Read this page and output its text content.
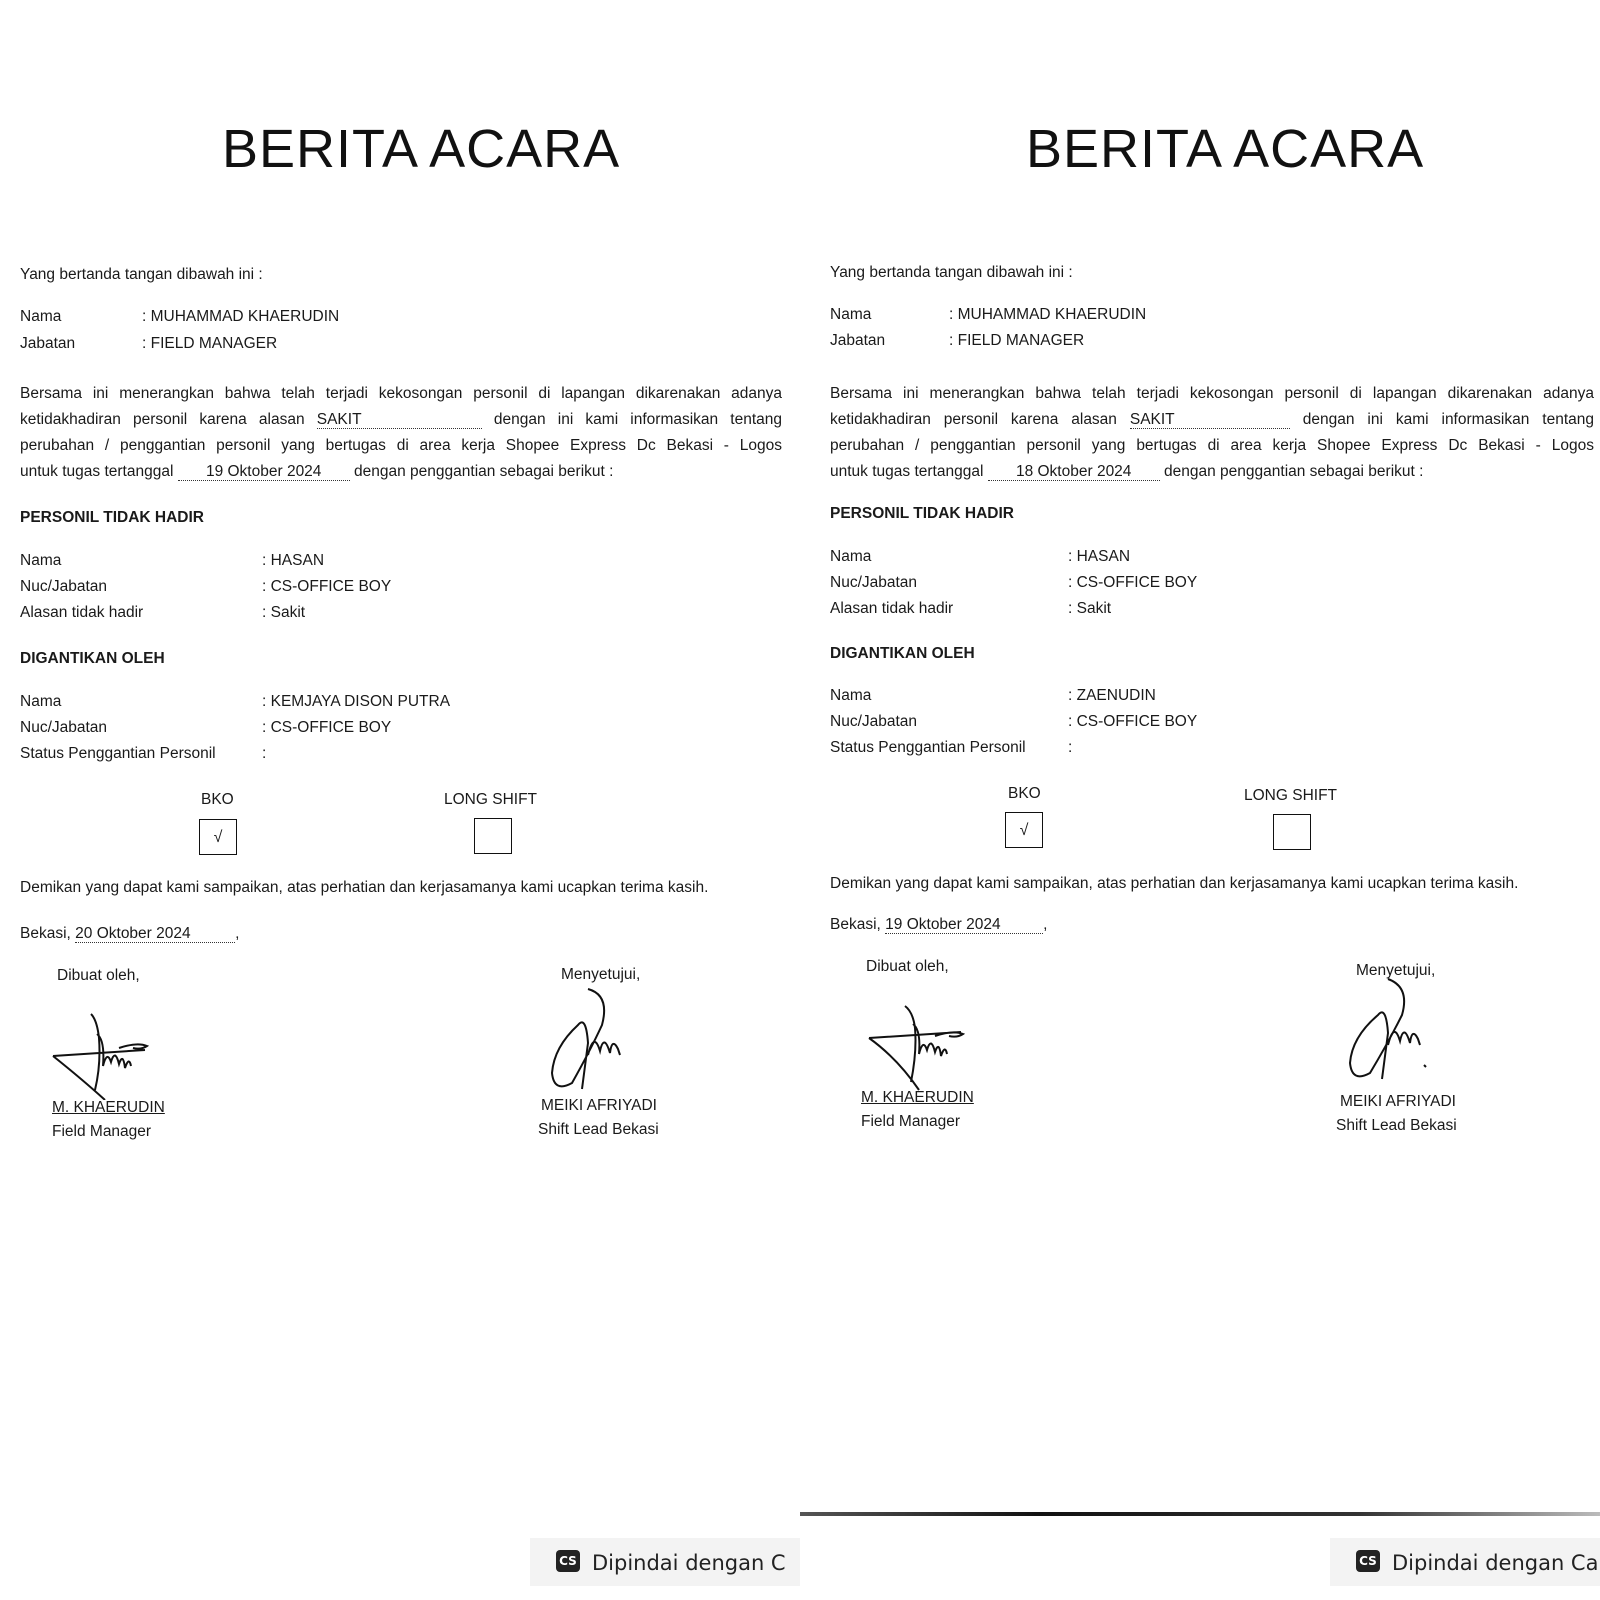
BERITA ACARA
Yang bertanda tangan dibawah ini :
Nama	: MUHAMMAD KHAERUDIN
Jabatan	: FIELD MANAGER
Bersama ini menerangkan bahwa telah terjadi kekosongan personil di lapangan dikarenakan adanya
ketidakhadiran personil karena alasan SAKIT	dengan ini kami informasikan tentang
perubahan / penggantian personil yang bertugas di area kerja Shopee Express Dc Bekasi - Logos
untuk tugas tertanggal 19 Oktober 2024 dengan penggantian sebagai berikut :
PERSONIL TIDAK HADIR
Nama	: HASAN
Nuc/Jabatan	: CS-OFFICE BOY
Alasan tidak hadir	: Sakit
DIGANTIKAN OLEH
Nama	: KEMJAYA DISON PUTRA
Nuc/Jabatan	: CS-OFFICE BOY
Status Penggantian Personil	:
BKO
√
LONG SHIFT
Demikan yang dapat kami sampaikan, atas perhatian dan kerjasamanya kami ucapkan terima kasih.
Bekasi, 20 Oktober 2024	,
Dibuat oleh,
M. KHAERUDIN
Field Manager
Menyetujui,
MEIKI AFRIYADI
Shift Lead Bekasi
CS Dipindai dengan C
BERITA ACARA
Yang bertanda tangan dibawah ini :
Nama	: MUHAMMAD KHAERUDIN
Jabatan	: FIELD MANAGER
Bersama ini menerangkan bahwa telah terjadi kekosongan personil di lapangan dikarenakan adanya
ketidakhadiran personil karena alasan SAKIT	dengan ini kami informasikan tentang
perubahan / penggantian personil yang bertugas di area kerja Shopee Express Dc Bekasi - Logos
untuk tugas tertanggal 18 Oktober 2024 dengan penggantian sebagai berikut :
PERSONIL TIDAK HADIR
Nama	: HASAN
Nuc/Jabatan	: CS-OFFICE BOY
Alasan tidak hadir	: Sakit
DIGANTIKAN OLEH
Nama	: ZAENUDIN
Nuc/Jabatan	: CS-OFFICE BOY
Status Penggantian Personil	:
BKO
√
LONG SHIFT
Demikan yang dapat kami sampaikan, atas perhatian dan kerjasamanya kami ucapkan terima kasih.
Bekasi, 19 Oktober 2024	,
Dibuat oleh,
M. KHAERUDIN
Field Manager
Menyetujui,
MEIKI AFRIYADI
Shift Lead Bekasi
CS Dipindai dengan Ca
